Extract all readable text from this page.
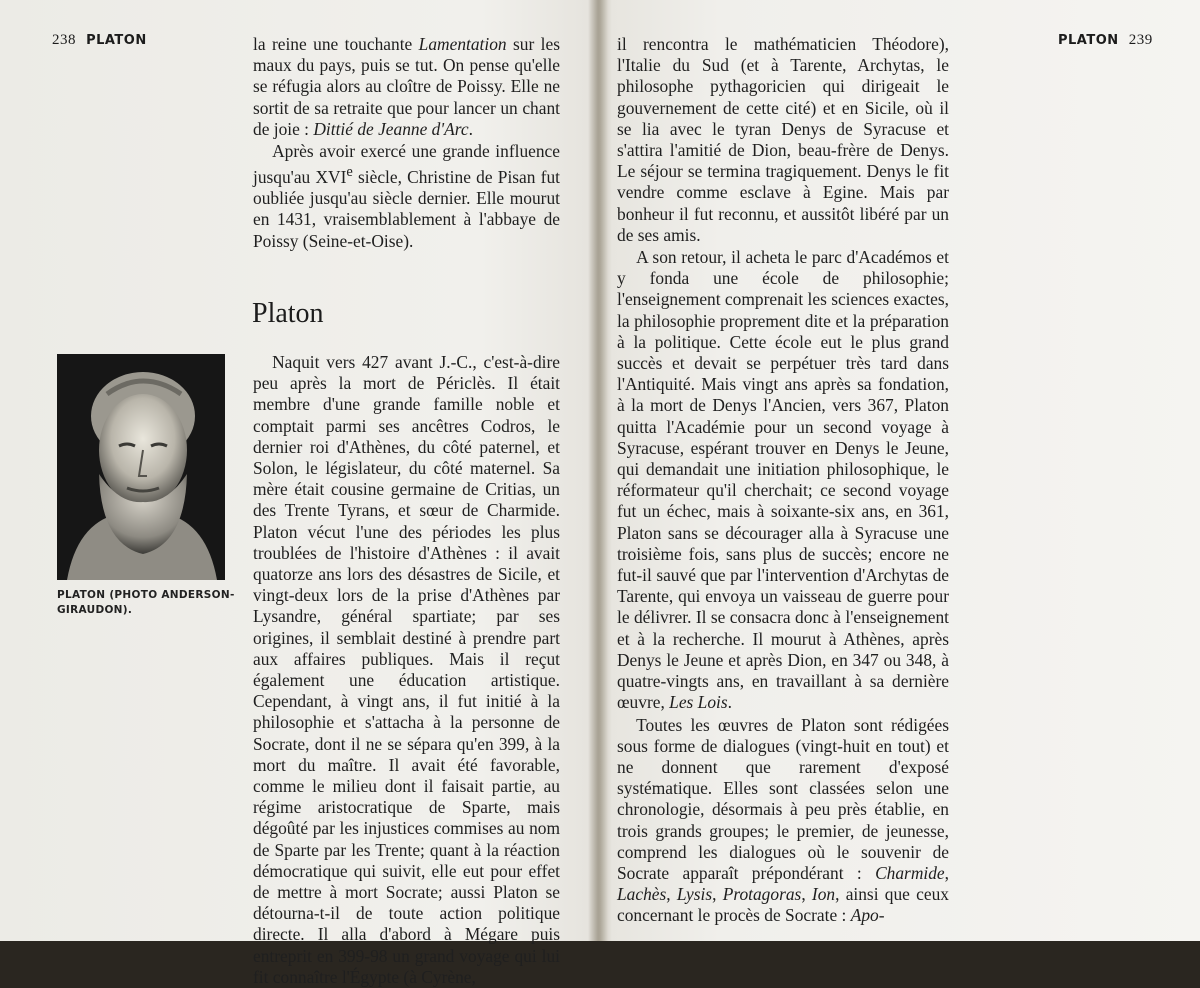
238 PLATON	la reine une touchante Lamentation sur les maux du pays, puis se tut. On pense qu'elle se réfugia alors au cloître de Poissy. Elle ne sortit de sa retraite que pour lancer un chant de joie : Dittié de Jeanne d'Arc.

Après avoir exercé une grande influence jusqu'au XVIe siècle, Christine de Pisan fut oubliée jusqu'au siècle dernier. Elle mourut en 1431, vraisemblablement à l'abbaye de Poissy (Seine-et-Oise).

Platon
PLATON (PHOTO ANDERSON-GIRAUDON).

Naquit vers 427 avant J.-C., c'est-à-dire peu après la mort de Périclès. Il était membre d'une grande famille noble et comptait parmi ses ancêtres Codros, le dernier roi d'Athènes, du côté paternel, et Solon, le législateur, du côté maternel. Sa mère était cousine germaine de Critias, un des Trente Tyrans, et sœur de Charmide. Platon vécut l'une des périodes les plus troublées de l'histoire d'Athènes : il avait quatorze ans lors des désastres de Sicile, et vingt-deux lors de la prise d'Athènes par Lysandre, général spartiate; par ses origines, il semblait destiné à prendre part aux affaires publiques. Mais il reçut également une éducation artistique. Cependant, à vingt ans, il fut initié à la philosophie et s'attacha à la personne de Socrate, dont il ne se sépara qu'en 399, à la mort du maître. Il avait été favorable, comme le milieu dont il faisait partie, au régime aristocratique de Sparte, mais dégoûté par les injustices commises au nom de Sparte par les Trente; quant à la réaction démocratique qui suivit, elle eut pour effet de mettre à mort Socrate; aussi Platon se détourna-t-il de toute action politique directe. Il alla d'abord à Mégare puis entreprit en 399-98 un grand voyage qui lui fit connaître l'Égypte (à Cyrène,

PLATON 239

il rencontra le mathématicien Théodore), l'Italie du Sud (et à Tarente, Archytas, le philosophe pythagoricien qui dirigeait le gouvernement de cette cité) et en Sicile, où il se lia avec le tyran Denys de Syracuse et s'attira l'amitié de Dion, beau-frère de Denys. Le séjour se termina tragiquement. Denys le fit vendre comme esclave à Egine. Mais par bonheur il fut reconnu, et aussitôt libéré par un de ses amis.

A son retour, il acheta le parc d'Académos et y fonda une école de philosophie; l'enseignement comprenait les sciences exactes, la philosophie proprement dite et la préparation à la politique. Cette école eut le plus grand succès et devait se perpétuer très tard dans l'Antiquité. Mais vingt ans après sa fondation, à la mort de Denys l'Ancien, vers 367, Platon quitta l'Académie pour un second voyage à Syracuse, espérant trouver en Denys le Jeune, qui demandait une initiation philosophique, le réformateur qu'il cherchait; ce second voyage fut un échec, mais à soixante-six ans, en 361, Platon sans se décourager alla à Syracuse une troisième fois, sans plus de succès; encore ne fut-il sauvé que par l'intervention d'Archytas de Tarente, qui envoya un vaisseau de guerre pour le délivrer. Il se consacra donc à l'enseignement et à la recherche. Il mourut à Athènes, après Denys le Jeune et après Dion, en 347 ou 348, à quatre-vingts ans, en travaillant à sa dernière œuvre, Les Lois.

Toutes les œuvres de Platon sont rédigées sous forme de dialogues (vingt-huit en tout) et ne donnent que rarement d'exposé systématique. Elles sont classées selon une chronologie, désormais à peu près établie, en trois grands groupes; le premier, de jeunesse, comprend les dialogues où le souvenir de Socrate apparaît prépondérant : Charmide, Lachès, Lysis, Protagoras, Ion, ainsi que ceux concernant le procès de Socrate : Apo-
